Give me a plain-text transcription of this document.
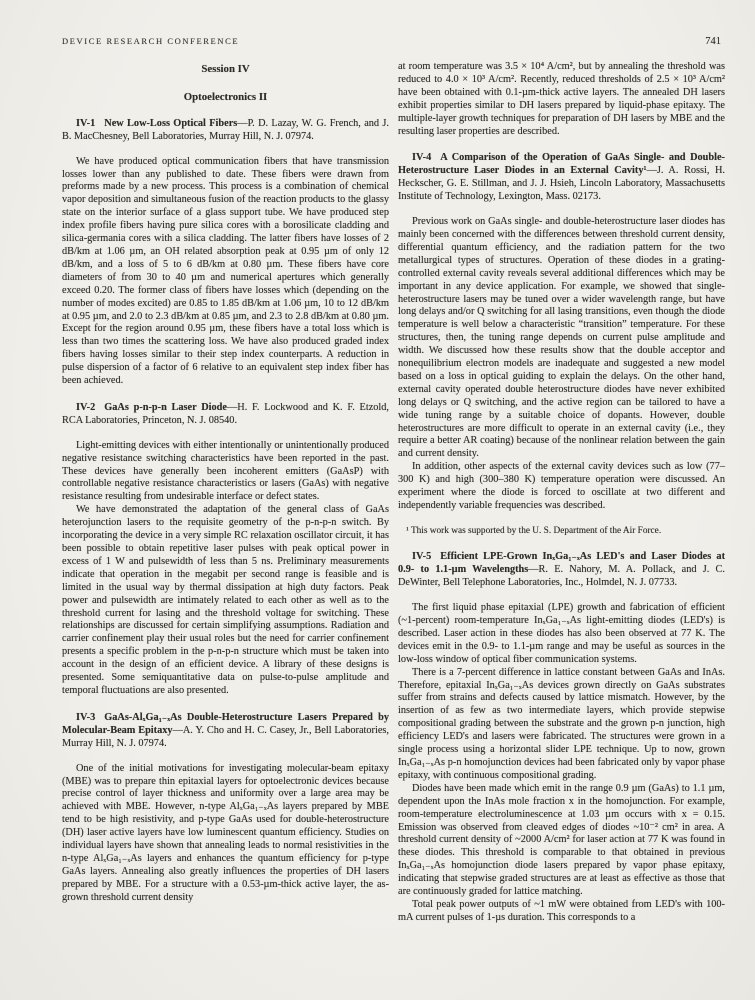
DEVICE RESEARCH CONFERENCE	741

Session IV

Optoelectronics II

IV-1 New Low-Loss Optical Fibers—P. D. Lazay, W. G. French, and J. B. MacChesney, Bell Laboratories, Murray Hill, N. J. 07974.

We have produced optical communication fibers that have transmission losses lower than any published to date. These fibers were drawn from preforms made by a new process. This process is a combination of chemical vapor deposition and simultaneous fusion of the reaction products to the glassy state on the interior surface of a glass support tube. We have produced step index profile fibers having pure silica cores with a borosilicate cladding and silica-germania cores with a silica cladding. The latter fibers have losses of 2 dB/km at 1.06 µm, an OH related absorption peak at 0.95 µm of only 12 dB/km, and a loss of 5 to 6 dB/km at 0.80 µm. These fibers have core diameters of from 30 to 40 µm and numerical apertures which generally exceed 0.20. The former class of fibers have losses which (depending on the number of modes excited) are 0.85 to 1.85 dB/km at 1.06 µm, 10 to 12 dB/km at 0.95 µm, and 2.0 to 2.3 dB/km at 0.85 µm, and 2.3 to 2.8 dB/km at 0.80 µm. Except for the region around 0.95 µm, these fibers have a total loss which is less than two times the scattering loss. We have also produced graded index fibers having losses similar to their step index counterparts. A reduction in pulse dispersion of a factor of 6 relative to an equivalent step index fiber has been achieved.

IV-2 GaAs p-n-p-n Laser Diode—H. F. Lockwood and K. F. Etzold, RCA Laboratories, Princeton, N. J. 08540.

Light-emitting devices with either intentionally or unintentionally produced negative resistance switching characteristics have been reported in the past. These devices have generally been incoherent emitters (GaAsP) with controllable negative resistance characteristics or lasers (GaAs) with negative resistance resulting from undesirable interface or defect states.

We have demonstrated the adaptation of the general class of GaAs heterojunction lasers to the requisite geometry of the p-n-p-n switch. By incorporating the device in a very simple RC relaxation oscillator circuit, it has been possible to obtain repetitive laser pulses with peak optical power in excess of 1 W and pulsewidth of less than 5 ns. Preliminary measurements indicate that operation in the megabit per second range is feasible and is limited in the usual way by thermal dissipation at high duty factors. Peak power and pulsewidth are intimately related to each other as well as to the threshold current for lasing and the threshold voltage for switching. These relationships are discussed for certain simplifying assumptions. Radiation and carrier confinement play their usual roles but the need for carrier confinement presents a specific problem in the p-n-p-n structure which must be taken into account in the design of an efficient device. A library of these designs is presented. Some semiquantitative data on pulse-to-pulse amplitude and temporal fluctuations are also presented.

IV-3 GaAs-AlₓGa₁₋ₓAs Double-Heterostructure Lasers Prepared by Molecular-Beam Epitaxy—A. Y. Cho and H. C. Casey, Jr., Bell Laboratories, Murray Hill, N. J. 07974.

One of the initial motivations for investigating molecular-beam epitaxy (MBE) was to prepare thin epitaxial layers for optoelectronic devices because precise control of layer thickness and uniformity over a large area may be achieved with MBE. However, n-type AlₓGa₁₋ₓAs layers prepared by MBE tend to be high resistivity, and p-type GaAs used for double-heterostructure (DH) laser active layers have low luminescent quantum efficiency. Studies on individual layers have shown that annealing leads to normal resistivities in the n-type AlₓGa₁₋ₓAs layers and enhances the quantum efficiency for p-type GaAs layers. Annealing also greatly influences the properties of DH lasers prepared by MBE. For a structure with a 0.53-µm-thick active layer, the as-grown threshold current density

at room temperature was 3.5 × 10⁴ A/cm², but by annealing the threshold was reduced to 4.0 × 10³ A/cm². Recently, reduced thresholds of 2.5 × 10³ A/cm² have been obtained with 0.1-µm-thick active layers. The annealed DH lasers exhibit properties similar to DH lasers prepared by liquid-phase epitaxy. The multiple-layer growth techniques for preparation of DH lasers by MBE and the resulting laser properties are described.

IV-4 A Comparison of the Operation of GaAs Single- and Double-Heterostructure Laser Diodes in an External Cavity¹—J. A. Rossi, H. Heckscher, G. E. Stillman, and J. J. Hsieh, Lincoln Laboratory, Massachusetts Institute of Technology, Lexington, Mass. 02173.

Previous work on GaAs single- and double-heterostructure laser diodes has mainly been concerned with the differences between threshold current density, differential quantum efficiency, and the radiation pattern for the two metallurgical types of structures. Operation of these diodes in a grating-controlled external cavity reveals several additional differences which may be important in any device application. For example, we showed that single-heterostructure lasers may be tuned over a wider wavelength range, but have long delays and/or Q switching for all lasing transitions, even though the diode temperature is well below a characteristic “transition” temperature. For these structures, then, the tuning range depends on current pulse amplitude and width. We discussed how these results show that the double acceptor and nonequilibrium electron models are inadequate and suggested a new model based on a loss in optical guiding to explain the delays. On the other hand, external cavity operated double heterostructure diodes have never exhibited long delays or Q switching, and the active region can be tailored to have a wide tuning range by a suitable choice of dopants. However, double heterostructures are more difficult to operate in an external cavity (i.e., they require a better AR coating) because of the nonlinear relation between the gain and current density.

In addition, other aspects of the external cavity devices such as low (77–300 K) and high (300–380 K) temperature operation were discussed. An experiment where the diode is forced to oscillate at two different and independently variable frequencies was described.

¹ This work was supported by the U. S. Department of the Air Force.

IV-5 Efficient LPE-Grown InₓGa₁₋ₓAs LED's and Laser Diodes at 0.9- to 1.1-µm Wavelengths—R. E. Nahory, M. A. Pollack, and J. C. DeWinter, Bell Telephone Laboratories, Inc., Holmdel, N. J. 07733.

The first liquid phase epitaxial (LPE) growth and fabrication of efficient (~1-percent) room-temperature InₓGa₁₋ₓAs light-emitting diodes (LED's) is described. Laser action in these diodes has also been observed at 77 K. The devices emit in the 0.9- to 1.1-µm range and may be useful as sources in the low-loss window of optical fiber communication systems.

There is a 7-percent difference in lattice constant between GaAs and InAs. Therefore, epitaxial InₓGa₁₋ₓAs devices grown directly on GaAs substrates suffer from strains and defects caused by lattice mismatch. However, by the insertion of as few as two intermediate layers, which provide stepwise compositional grading between the substrate and the grown p-n junction, high efficiency LED's and lasers were fabricated. The structures were grown in a single process using a horizontal slider LPE technique. Up to now, grown InₓGa₁₋ₓAs p-n homojunction devices had been fabricated only by vapor phase epitaxy, with continuous compositional grading.

Diodes have been made which emit in the range 0.9 µm (GaAs) to 1.1 µm, dependent upon the InAs mole fraction x in the homojunction. For example, room-temperature electroluminescence at 1.03 µm occurs with x = 0.15. Emission was observed from cleaved edges of diodes ~10⁻² cm² in area. A threshold current density of ~2000 A/cm² for laser action at 77 K was found in these diodes. This threshold is comparable to that obtained in previous InₓGa₁₋ₓAs homojunction diode lasers prepared by vapor phase epitaxy, indicating that stepwise graded structures are at least as effective as those that are continuously graded for lattice matching.

Total peak power outputs of ~1 mW were obtained from LED's with 100-mA current pulses of 1-µs duration. This corresponds to a
